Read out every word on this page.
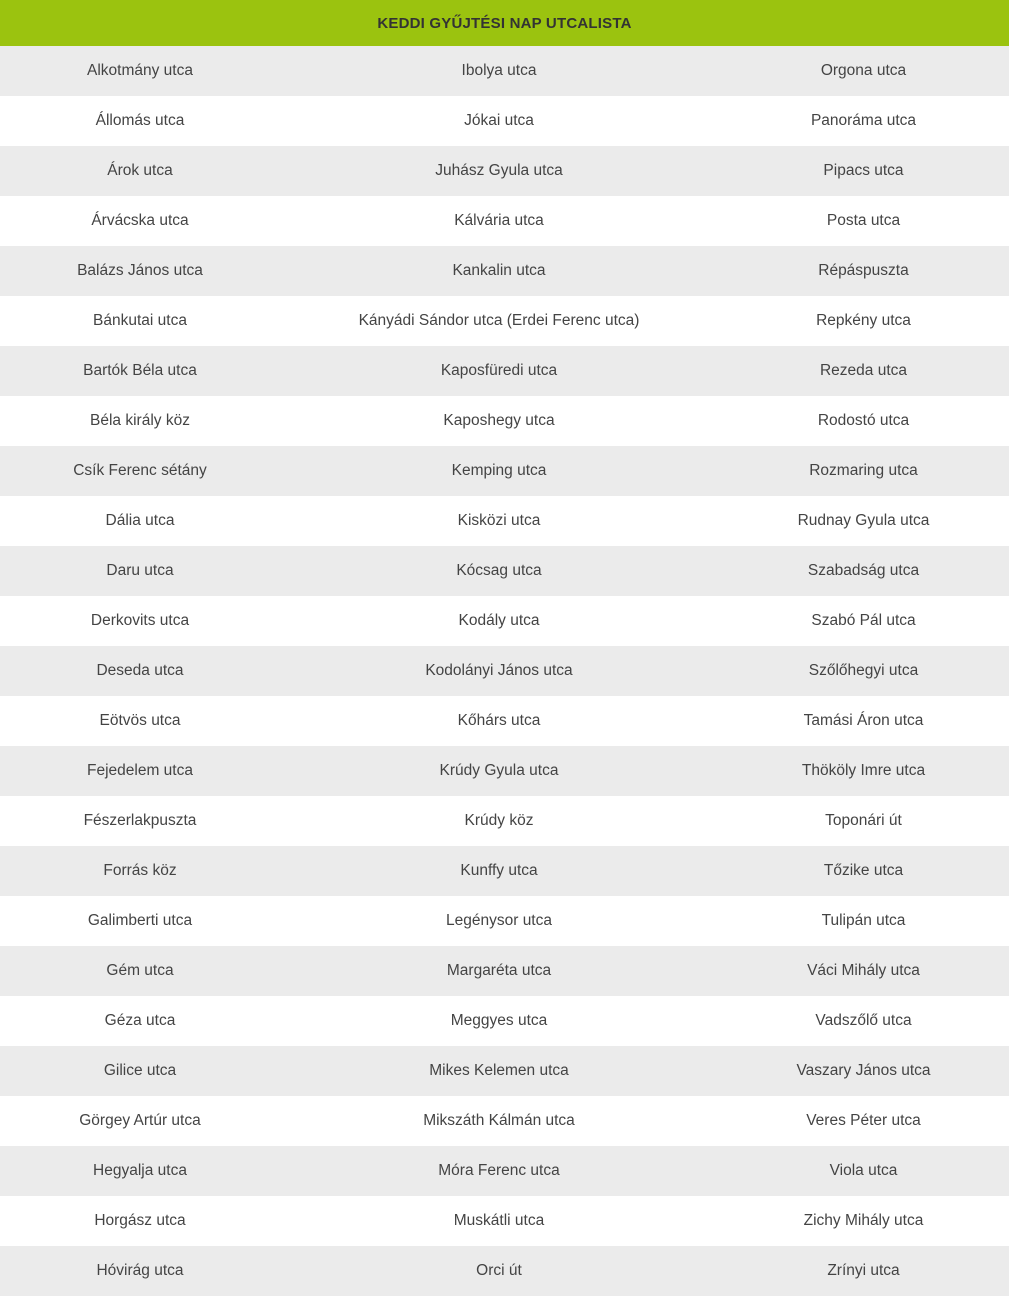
KEDDI GYŰJTÉSI NAP UTCALISTA
Alkotmány utca	Ibolya utca	Orgona utca
Állomás utca	Jókai utca	Panoráma utca
Árok utca	Juhász Gyula utca	Pipacs utca
Árvácska utca	Kálvária utca	Posta utca
Balázs János utca	Kankalin utca	Répáspuszta
Bánkutai utca	Kányádi Sándor utca (Erdei Ferenc utca)	Repkény utca
Bartók Béla utca	Kaposfüredi utca	Rezeda utca
Béla király köz	Kaposhegy utca	Rodostó utca
Csík Ferenc sétány	Kemping utca	Rozmaring utca
Dália utca	Kisközi utca	Rudnay Gyula utca
Daru utca	Kócsag utca	Szabadság utca
Derkovits utca	Kodály utca	Szabó Pál utca
Deseda utca	Kodolányi János utca	Szőlőhegyi utca
Eötvös utca	Kőhárs utca	Tamási Áron utca
Fejedelem utca	Krúdy Gyula utca	Thököly Imre utca
Fészerlakpuszta	Krúdy köz	Toponári út
Forrás köz	Kunffy utca	Tőzike utca
Galimberti utca	Legénysor utca	Tulipán utca
Gém utca	Margaréta utca	Váci Mihály utca
Géza utca	Meggyes utca	Vadszőlő utca
Gilice utca	Mikes Kelemen utca	Vaszary János utca
Görgey Artúr utca	Mikszáth Kálmán utca	Veres Péter utca
Hegyalja utca	Móra Ferenc utca	Viola utca
Horgász utca	Muskátli utca	Zichy Mihály utca
Hóvirág utca	Orci út	Zrínyi utca
